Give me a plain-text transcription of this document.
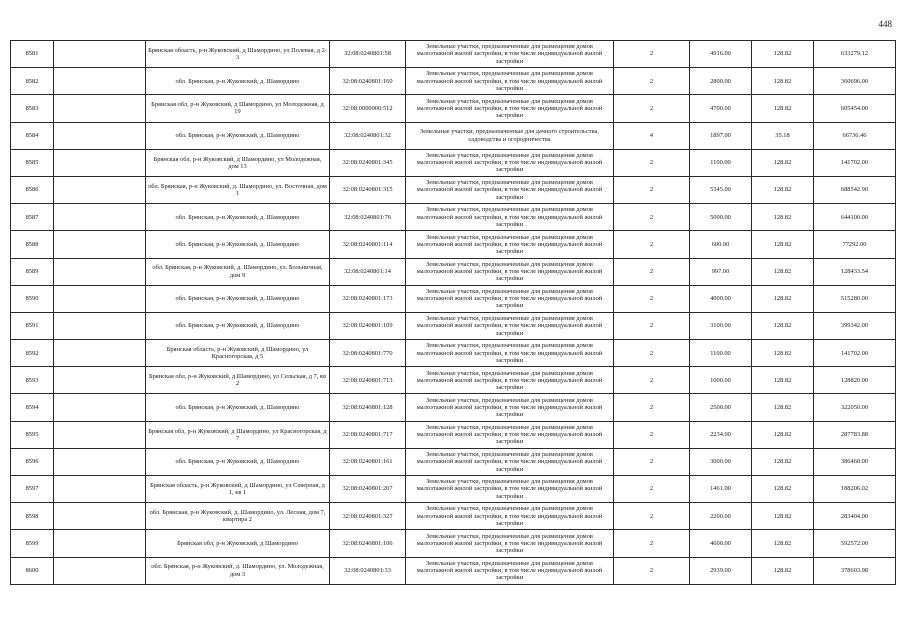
448
8581		Брянская область, р-н Жуковский, д Шамордино, ул Полевая, д 2-3	32:08:0240801:58	Земельные участки, предназначенные для размещения домов малоэтажной жилой застройки, в том числе индивидуальной жилой застройки	2	4916.00	128.82	633279.12
8582		обл. Брянская, р-н Жуковский, д. Шамордино	32:08:0240801:160	Земельные участки, предназначенные для размещения домов малоэтажной жилой застройки, в том числе индивидуальной жилой застройки	2	2800.00	128.82	360696.00
8583		Брянская обл, р-н Жуковский, д Шамордино, ул Молодежная, д 19	32:08:0000000:512	Земельные участки, предназначенные для размещения домов малоэтажной жилой застройки, в том числе индивидуальной жилой застройки	2	4700.00	128.82	605454.00
8584		обл. Брянская, р-н Жуковский, д. Шамордино	32:08:0240801:32	Земельные участки, предназначенные для дачного строительства, садоводства и огородничества	4	1897.00	35.18	66736.46
8585		Брянская обл, р-н Жуковский, д Шамордино, ул Молодежная, дом 13	32:08:0240801:345	Земельные участки, предназначенные для размещения домов малоэтажной жилой застройки, в том числе индивидуальной жилой застройки	2	1100.00	128.82	141702.00
8586		обл. Брянская, р-н Жуковский, д. Шамордино, ул. Восточная, дом 1	32:08:0240801:315	Земельные участки, предназначенные для размещения домов малоэтажной жилой застройки, в том числе индивидуальной жилой застройки	2	5345.00	128.82	688542.90
8587		обл. Брянская, р-н Жуковский, д. Шамордино	32:08:0240801:76	Земельные участки, предназначенные для размещения домов малоэтажной жилой застройки, в том числе индивидуальной жилой застройки	2	5000.00	128.82	644100.00
8588		обл. Брянская, р-н Жуковский, д. Шамордино	32:08:0240801:114	Земельные участки, предназначенные для размещения домов малоэтажной жилой застройки, в том числе индивидуальной жилой застройки	2	600.00	128.82	77292.00
8589		обл. Брянская, р-н Жуковский, д. Шамордино, ул. Больничная, дом 9	32:08:0240801:14	Земельные участки, предназначенные для размещения домов малоэтажной жилой застройки, в том числе индивидуальной жилой застройки	2	997.00	128.82	128433.54
8590		обл. Брянская, р-н Жуковский, д. Шамордино	32:08:0240801:173	Земельные участки, предназначенные для размещения домов малоэтажной жилой застройки, в том числе индивидуальной жилой застройки	2	4000.00	128.82	515280.00
8591		обл. Брянская, р-н Жуковский, д. Шамордино	32:08:0240801:109	Земельные участки, предназначенные для размещения домов малоэтажной жилой застройки, в том числе индивидуальной жилой застройки	2	3100.00	128.82	399342.00
8592		Брянская область, р-н Жуковский, д Шамордино, ул Красногорская, д 5	32:08:0240801:770	Земельные участки, предназначенные для размещения домов малоэтажной жилой застройки, в том числе индивидуальной жилой застройки	2	1100.00	128.82	141702.00
8593		Брянская обл, р-н Жуковский, д Шамордино, ул Сельская, д 7, кв 2	32:08:0240801:713	Земельные участки, предназначенные для размещения домов малоэтажной жилой застройки, в том числе индивидуальной жилой застройки	2	1000.00	128.82	128820.00
8594		обл. Брянская, р-н Жуковский, д. Шамордино	32:08:0240801:128	Земельные участки, предназначенные для размещения домов малоэтажной жилой застройки, в том числе индивидуальной жилой застройки	2	2500.00	128.82	322050.00
8595		Брянская обл, р-н Жуковский, д Шамордино, ул Красногорская, д 7	32:08:0240801:717	Земельные участки, предназначенные для размещения домов малоэтажной жилой застройки, в том числе индивидуальной жилой застройки	2	2234.00	128.82	287783.88
8596		обл. Брянская, р-н Жуковский, д. Шамордино	32:08:0240801:161	Земельные участки, предназначенные для размещения домов малоэтажной жилой застройки, в том числе индивидуальной жилой застройки	2	3000.00	128.82	386460.00
8597		Брянская область, р-н Жуковский, д Шамордино, ул Северная, д 1, кв 1	32:08:0240801:207	Земельные участки, предназначенные для размещения домов малоэтажной жилой застройки, в том числе индивидуальной жилой застройки	2	1461.00	128.82	188206.02
8598		обл. Брянская, р-н Жуковский, д. Шамордино, ул. Лесная, дом 7, квартира 2	32:08:0240801:327	Земельные участки, предназначенные для размещения домов малоэтажной жилой застройки, в том числе индивидуальной жилой застройки	2	2200.00	128.82	283404.00
8599		Брянская обл, р-н Жуковский, д Шамордино	32:08:0240801:106	Земельные участки, предназначенные для размещения домов малоэтажной жилой застройки, в том числе индивидуальной жилой застройки	2	4600.00	128.82	592572.00
8600		обл. Брянская, р-н Жуковский, д. Шамордино, ул. Молодежная, дом 3	32:08:0240801:33	Земельные участки, предназначенные для размещения домов малоэтажной жилой застройки, в том числе индивидуальной жилой застройки	2	2939.00	128.82	378603.98
